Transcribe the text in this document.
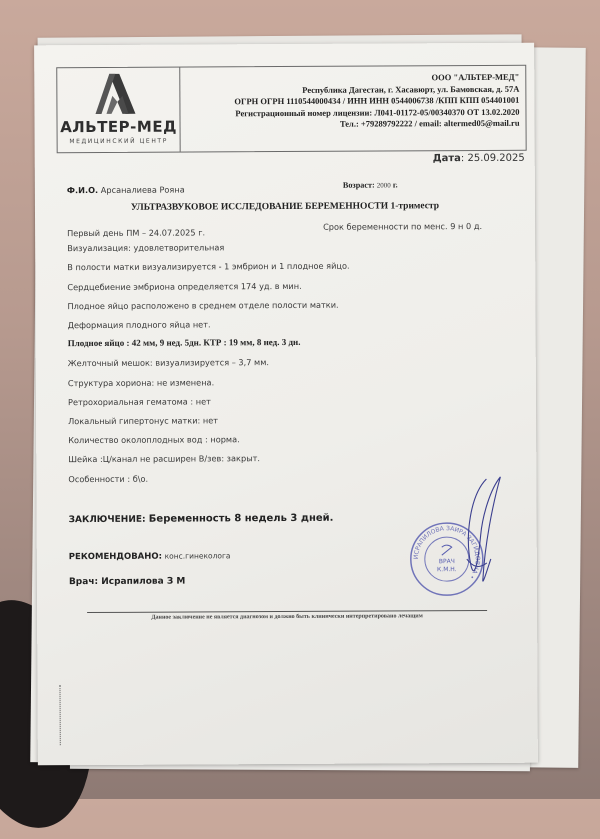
АЛЬТЕР-МЕД
МЕДИЦИНСКИЙ ЦЕНТР
ООО "АЛЬТЕР-МЕД"
Республика Дагестан, г. Хасавюрт, ул. Бамовская, д. 57А
ОГРН ОГРН 1110544000434 / ИНН ИНН 0544006738 /КПП КПП 054401001
Регистрационный номер лицензии: Л041-01172-05/00340370 ОТ 13.02.2020
Тел.: +79289792222 / email: altermed05@mail.ru
Дата: 25.09.2025
Ф.И.О. Арсаналиева Рояна	Возраст: 2000 г.
УЛЬТРАЗВУКОВОЕ ИССЛЕДОВАНИЕ БЕРЕМЕННОСТИ 1-триместр
Первый день ПМ – 24.07.2025 г.
Срок беременности по менс. 9 н 0 д.
Визуализация: удовлетворительная
В полости матки визуализируется - 1 эмбрион и 1 плодное яйцо.
Сердцебиение эмбриона определяется 174 уд. в мин.
Плодное яйцо расположено в среднем отделе полости матки.
Деформация плодного яйца нет.
Плодное яйцо : 42 мм, 9 нед. 5дн. КТР : 19 мм, 8 нед. 3 дн.
Желточный мешок: визуализируется – 3,7 мм.
Структура хориона: не изменена.
Ретрохориальная гематома : нет
Локальный гипертонус матки: нет
Количество околоплодных вод : норма.
Шейка :Ц/канал не расширен В/зев: закрыт.
Особенности : б\о.
ЗАКЛЮЧЕНИЕ: Беременность 8 недель 3 дней.
РЕКОМЕНДОВАНО: конс.гинеколога
Врач: Исрапилова З М
Данное заключение не является диагнозом и должно быть клинически интерпретировано лечащим
ИСРАПИЛОВА ЗАИРА ЗАГИДОВНА •
ВРАЧ
К.М.Н.
